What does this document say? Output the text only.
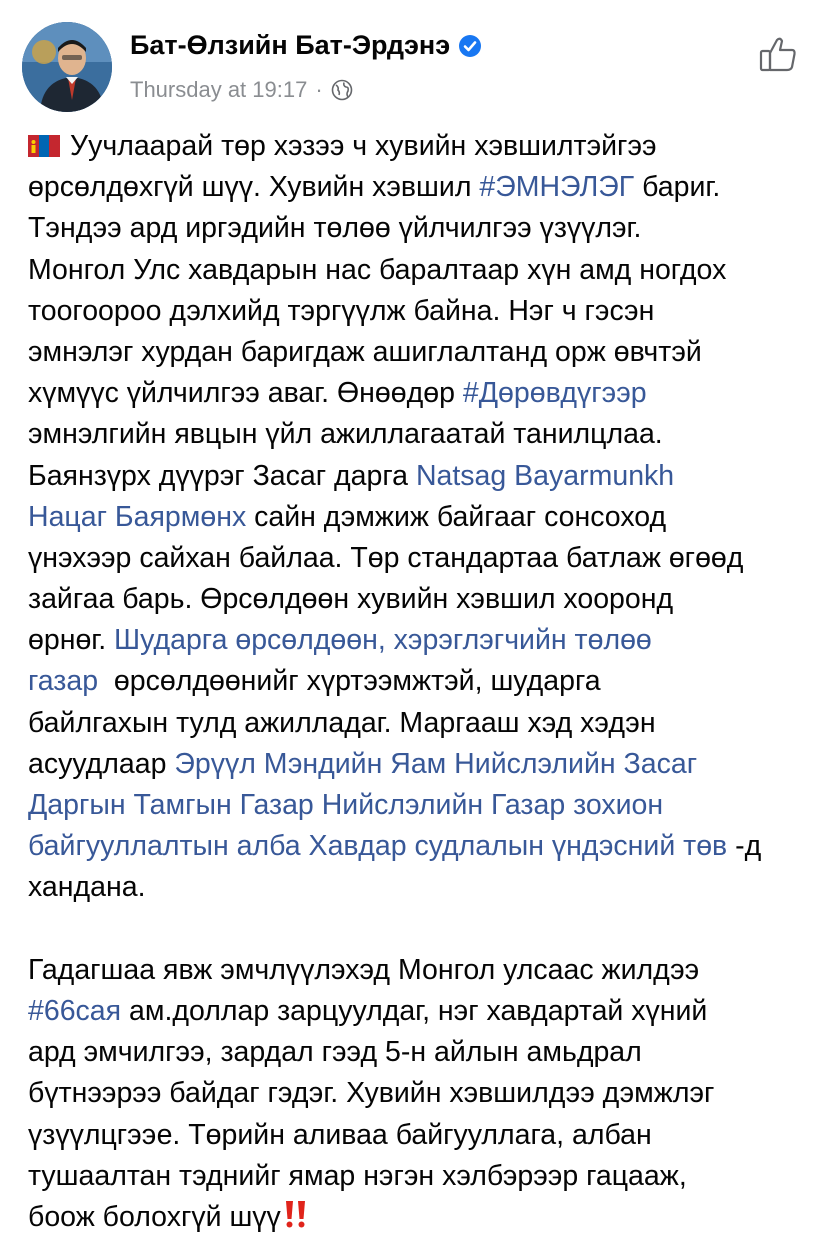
Бат-Өлзийн Бат-Эрдэнэ
Thursday at 19:17 ·
Уучлаарай төр хэзээ ч хувийн хэвшилтэйгээ
өрсөлдөхгүй шүү. Хувийн хэвшил #ЭМНЭЛЭГ бариг.
Тэндээ ард иргэдийн төлөө үйлчилгээ үзүүлэг.
Монгол Улс хавдарын нас баралтаар хүн амд ногдох
тоогоороо дэлхийд тэргүүлж байна. Нэг ч гэсэн
эмнэлэг хурдан баригдаж ашиглалтанд орж өвчтэй
хүмүүс үйлчилгээ аваг. Өнөөдөр #Дөрөвдүгээр
эмнэлгийн явцын үйл ажиллагаатай танилцлаа.
Баянзүрх дүүрэг Засаг дарга Natsag Bayarmunkh
Нацаг Баярмөнх сайн дэмжиж байгааг сонсоход
үнэхээр сайхан байлаа. Төр стандартаа батлаж өгөөд
зайгаа барь. Өрсөлдөөн хувийн хэвшил хооронд
өрнөг. Шударга өрсөлдөөн, хэрэглэгчийн төлөө
газар  өрсөлдөөнийг хүртээмжтэй, шударга
байлгахын тулд ажилладаг. Маргааш хэд хэдэн
асуудлаар Эрүүл Мэндийн Яам Нийслэлийн Засаг
Даргын Тамгын Газар Нийслэлийн Газар зохион
байгууллалтын алба Хавдар судлалын үндэсний төв -д
хандана.
Гадагшаа явж эмчлүүлэхэд Монгол улсаас жилдээ
#66сая ам.доллар зарцуулдаг, нэг хавдартай хүний
ард эмчилгээ, зардал гээд 5-н айлын амьдрал
бүтнээрээ байдаг гэдэг. Хувийн хэвшилдээ дэмжлэг
үзүүлцгээе. Төрийн аливаа байгууллага, албан
тушаалтан тэднийг ямар нэгэн хэлбэрээр гацааж,
боож болохгүй шүү
